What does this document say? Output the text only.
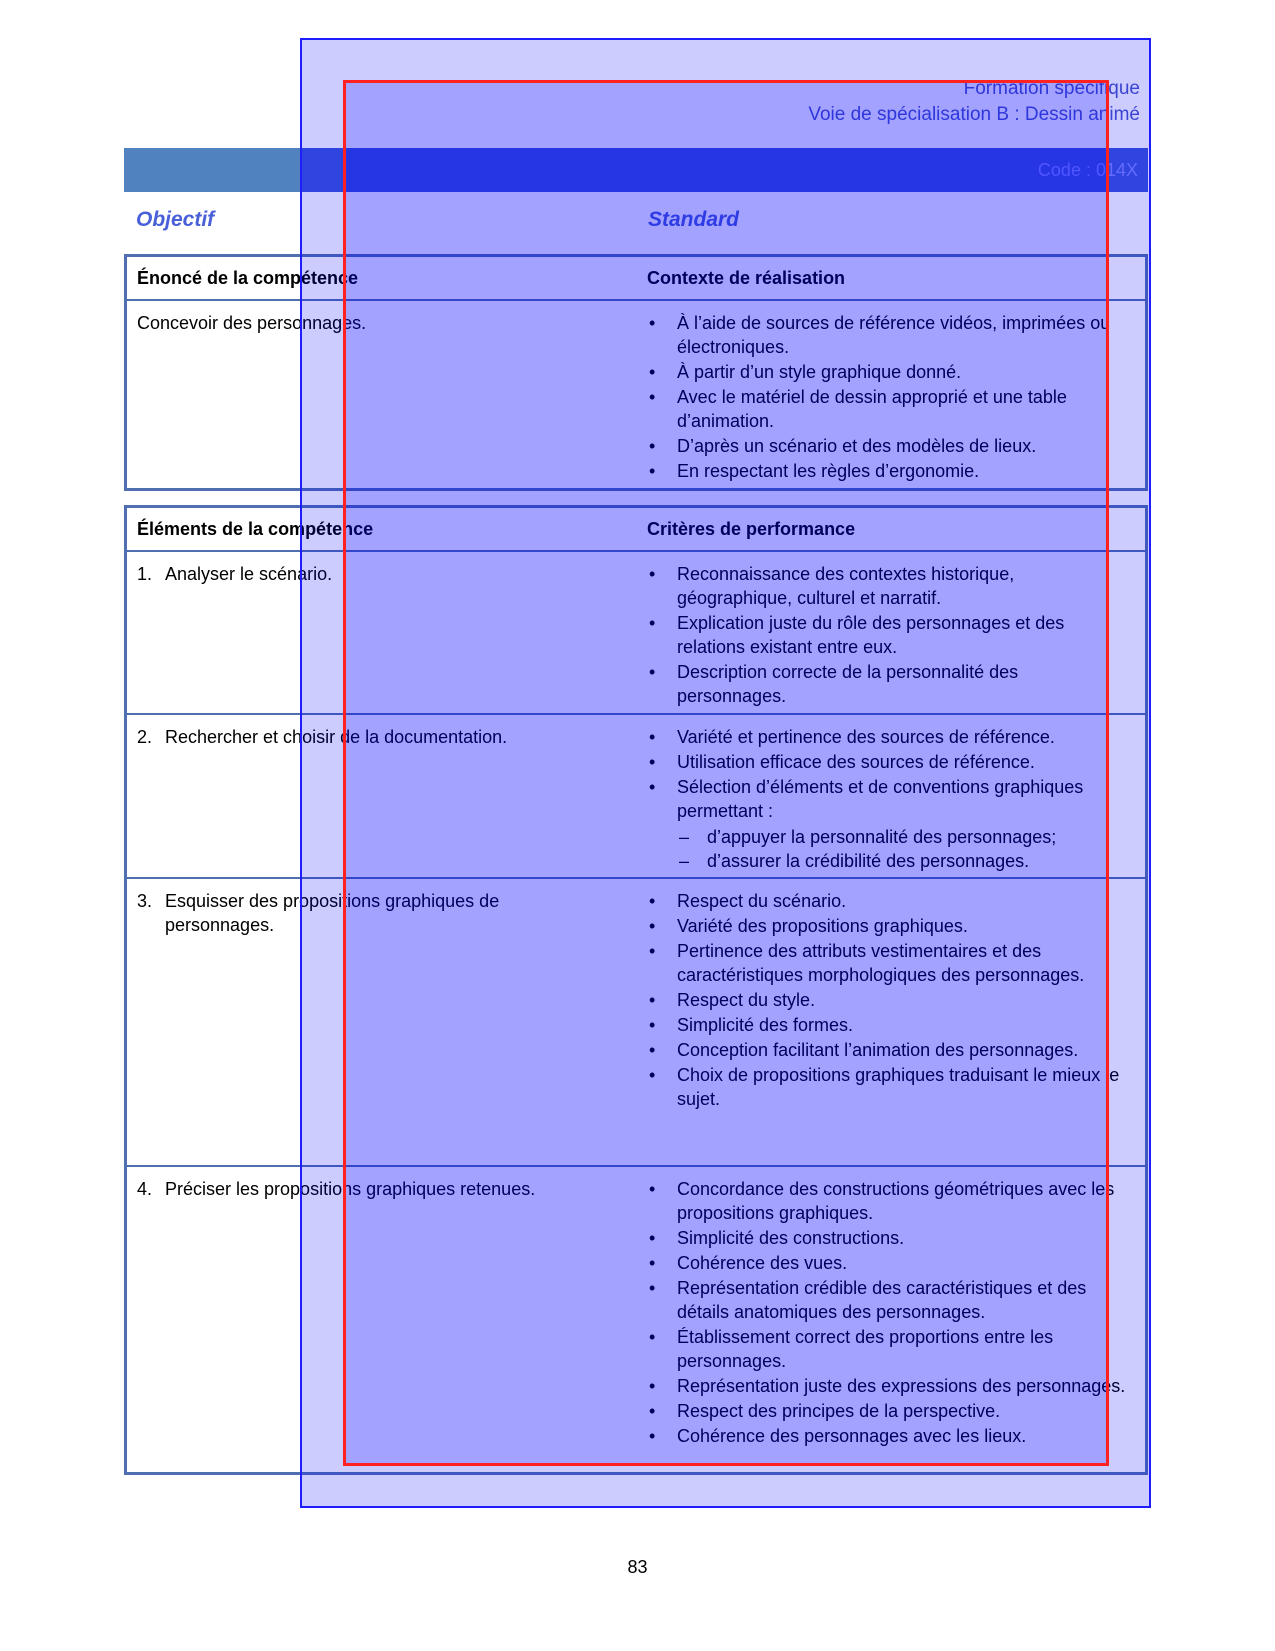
Formation spécifique
Voie de spécialisation B : Dessin animé
Code : 014X
Objectif	Standard
Énoncé de la compétence	Contexte de réalisation
Concevoir des personnages.	• À l’aide de sources de référence vidéos, imprimées ou électroniques.
• À partir d’un style graphique donné.
• Avec le matériel de dessin approprié et une table d’animation.
• D’après un scénario et des modèles de lieux.
• En respectant les règles d’ergonomie.
Éléments de la compétence	Critères de performance
1. Analyser le scénario.	• Reconnaissance des contextes historique, géographique, culturel et narratif.
• Explication juste du rôle des personnages et des relations existant entre eux.
• Description correcte de la personnalité des personnages.
2. Rechercher et choisir de la documentation.	• Variété et pertinence des sources de référence.
• Utilisation efficace des sources de référence.
• Sélection d’éléments et de conventions graphiques permettant :
– d’appuyer la personnalité des personnages;
– d’assurer la crédibilité des personnages.
3. Esquisser des propositions graphiques de personnages.
• Respect du scénario.
• Variété des propositions graphiques.
• Pertinence des attributs vestimentaires et des caractéristiques morphologiques des personnages.
• Respect du style.
• Simplicité des formes.
• Conception facilitant l’animation des personnages.
• Choix de propositions graphiques traduisant le mieux le sujet.
4. Préciser les propositions graphiques retenues.	• Concordance des constructions géométriques avec les propositions graphiques.
• Simplicité des constructions.
• Cohérence des vues.
• Représentation crédible des caractéristiques et des détails anatomiques des personnages.
• Établissement correct des proportions entre les personnages.
• Représentation juste des expressions des personnages.
• Respect des principes de la perspective.
• Cohérence des personnages avec les lieux.
83
